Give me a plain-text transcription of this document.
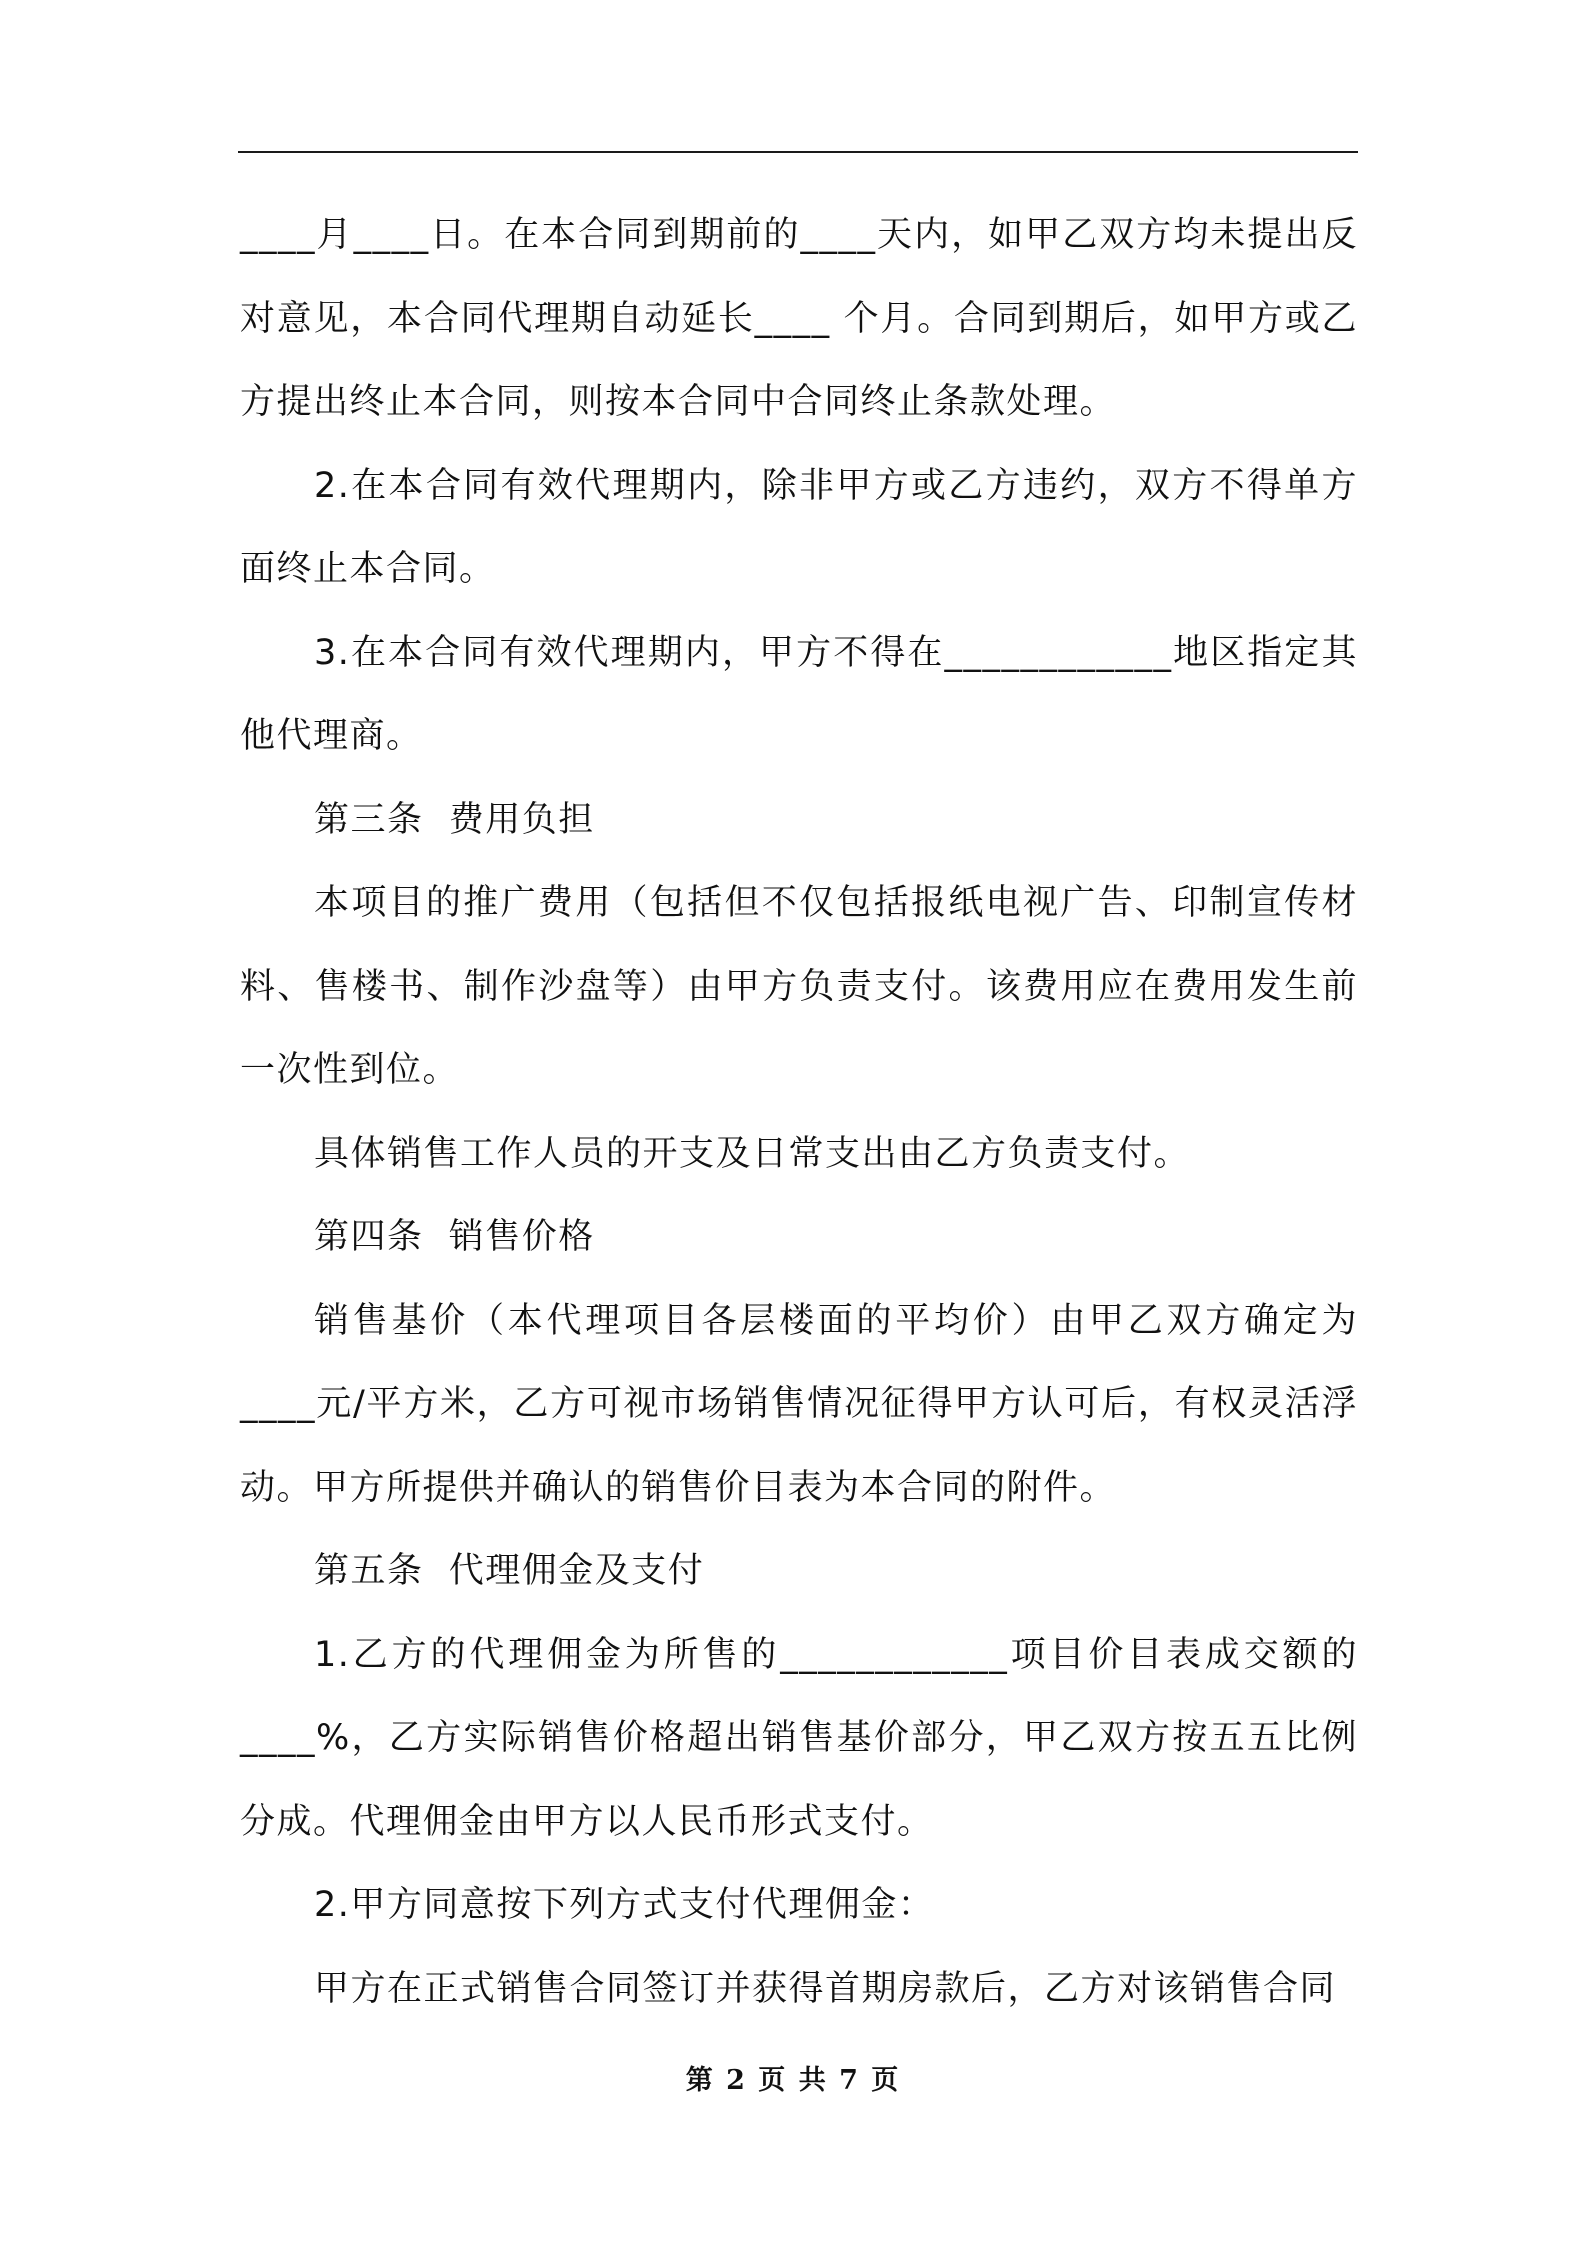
____月____日。在本合同到期前的____天内，如甲乙双方均未提出反对意见，本合同代理期自动延长____ 个月。合同到期后，如甲方或乙方提出终止本合同，则按本合同中合同终止条款处理。

2.在本合同有效代理期内，除非甲方或乙方违约，双方不得单方面终止本合同。

3.在本合同有效代理期内，甲方不得在____________地区指定其他代理商。

第三条  费用负担

本项目的推广费用（包括但不仅包括报纸电视广告、印制宣传材料、售楼书、制作沙盘等）由甲方负责支付。该费用应在费用发生前一次性到位。

具体销售工作人员的开支及日常支出由乙方负责支付。

第四条  销售价格

销售基价（本代理项目各层楼面的平均价）由甲乙双方确定为____元/平方米，乙方可视市场销售情况征得甲方认可后，有权灵活浮动。甲方所提供并确认的销售价目表为本合同的附件。

第五条  代理佣金及支付

1.乙方的代理佣金为所售的____________项目价目表成交额的____%，乙方实际销售价格超出销售基价部分，甲乙双方按五五比例分成。代理佣金由甲方以人民币形式支付。

2.甲方同意按下列方式支付代理佣金：

甲方在正式销售合同签订并获得首期房款后，乙方对该销售合同

第 2 页 共 7 页
